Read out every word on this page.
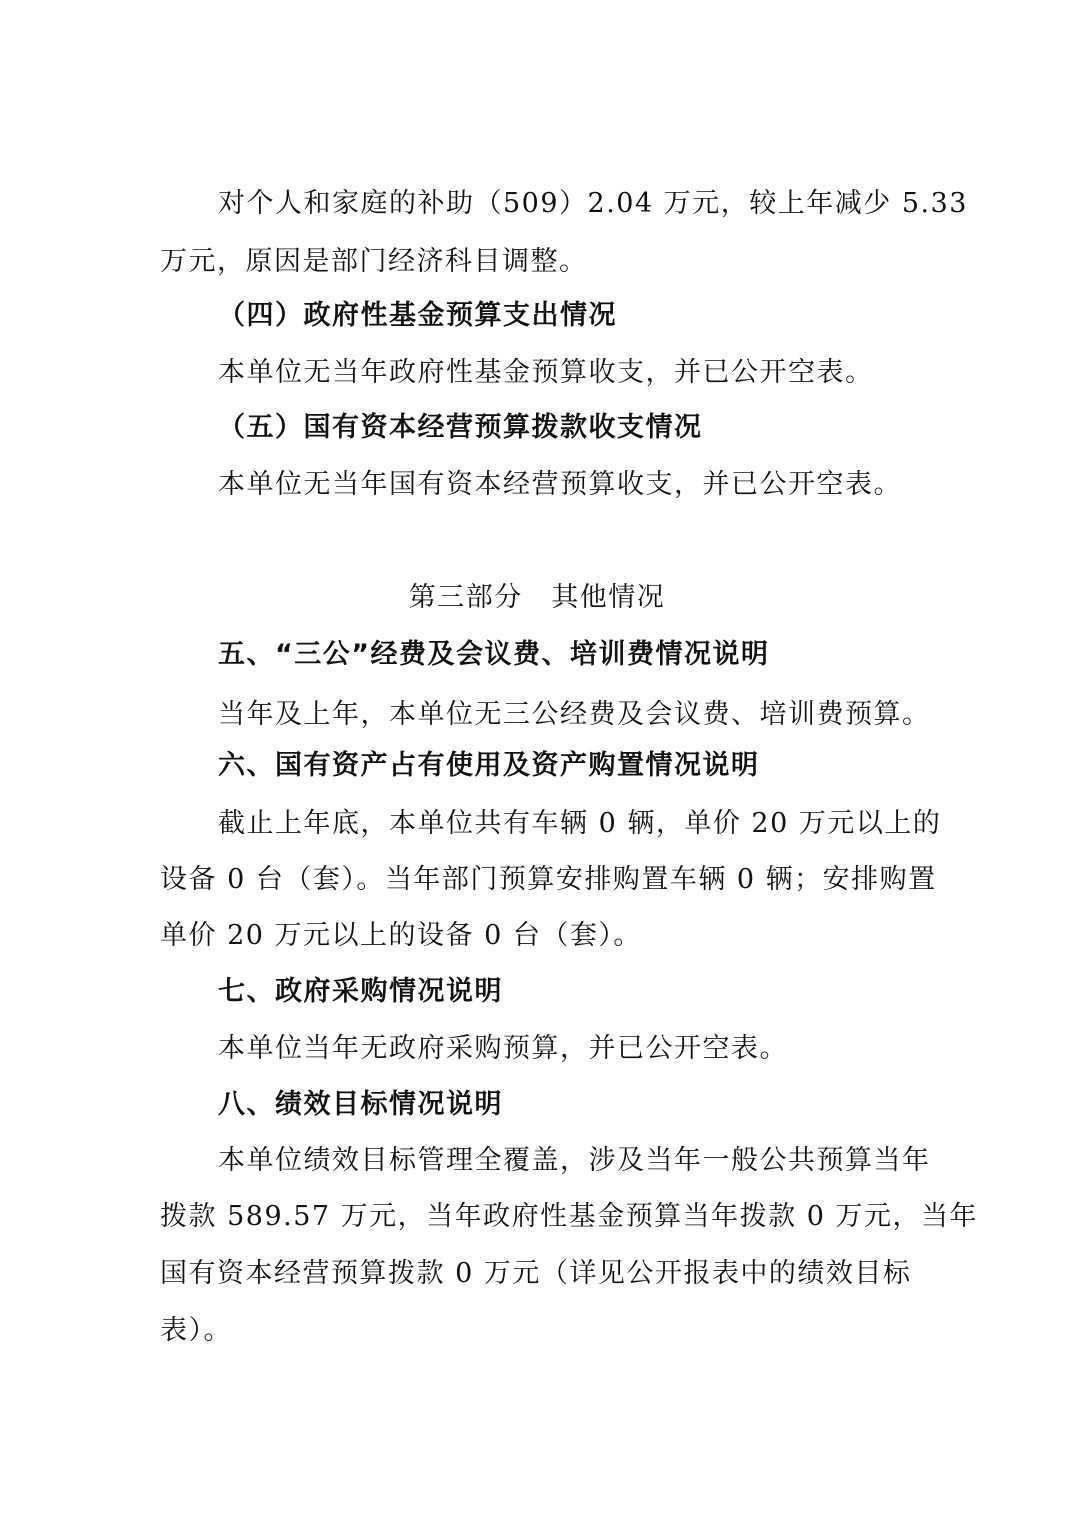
对个人和家庭的补助（509）2.04 万元，较上年减少 5.33
万元，原因是部门经济科目调整。
（四）政府性基金预算支出情况
本单位无当年政府性基金预算收支，并已公开空表。
（五）国有资本经营预算拨款收支情况
本单位无当年国有资本经营预算收支，并已公开空表。
第三部分　其他情况
五、“三公”经费及会议费、培训费情况说明
当年及上年，本单位无三公经费及会议费、培训费预算。
六、国有资产占有使用及资产购置情况说明
截止上年底，本单位共有车辆 0 辆，单价 20 万元以上的
设备 0 台（套）。当年部门预算安排购置车辆 0 辆；安排购置
单价 20 万元以上的设备 0 台（套）。
七、政府采购情况说明
本单位当年无政府采购预算，并已公开空表。
八、绩效目标情况说明
本单位绩效目标管理全覆盖，涉及当年一般公共预算当年
拨款 589.57 万元，当年政府性基金预算当年拨款 0 万元，当年
国有资本经营预算拨款 0 万元（详见公开报表中的绩效目标
表）。
